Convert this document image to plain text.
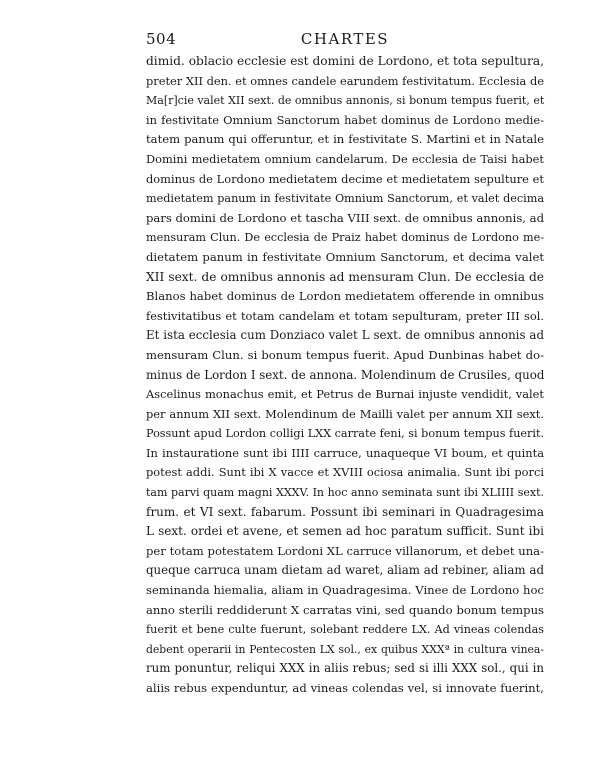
504	CHARTES
dimid. oblacio ecclesie est domini de Lordono, et tota sepultura,
preter XII den. et omnes candele earundem festivitatum. Ecclesia de
Ma[r]cie valet XII sext. de omnibus annonis, si bonum tempus fuerit, et
in festivitate Omnium Sanctorum habet dominus de Lordono medie-
tatem panum qui offeruntur, et in festivitate S. Martini et in Natale
Domini medietatem omnium candelarum. De ecclesia de Taisi habet
dominus de Lordono medietatem decime et medietatem sepulture et
medietatem panum in festivitate Omnium Sanctorum, et valet decima
pars domini de Lordono et tascha VIII sext. de omnibus annonis, ad
mensuram Clun. De ecclesia de Praiz habet dominus de Lordono me-
dietatem panum in festivitate Omnium Sanctorum, et decima valet
XII sext. de omnibus annonis ad mensuram Clun. De ecclesia de
Blanos habet dominus de Lordon medietatem offerende in omnibus
festivitatibus et totam candelam et totam sepulturam, preter III sol.
Et ista ecclesia cum Donziaco valet L sext. de omnibus annonis ad
mensuram Clun. si bonum tempus fuerit. Apud Dunbinas habet do-
minus de Lordon I sext. de annona. Molendinum de Crusiles, quod
Ascelinus monachus emit, et Petrus de Burnai injuste vendidit, valet
per annum XII sext. Molendinum de Mailli valet per annum XII sext.
Possunt apud Lordon colligi LXX carrate feni, si bonum tempus fuerit.
In instauratione sunt ibi IIII carruce, unaqueque VI boum, et quinta
potest addi. Sunt ibi X vacce et XVIII ociosa animalia. Sunt ibi porci
tam parvi quam magni XXXV. In hoc anno seminata sunt ibi XLIIII sext.
frum. et VI sext. fabarum. Possunt ibi seminari in Quadragesima
L sext. ordei et avene, et semen ad hoc paratum sufficit. Sunt ibi
per totam potestatem Lordoni XL carruce villanorum, et debet una-
queque carruca unam dietam ad waret, aliam ad rebiner, aliam ad
seminanda hiemalia, aliam in Quadragesima. Vinee de Lordono hoc
anno sterili reddiderunt X carratas vini, sed quando bonum tempus
fuerit et bene culte fuerunt, solebant reddere LX. Ad vineas colendas
debent operarii in Pentecosten LX sol., ex quibus XXXª in cultura vinea-
rum ponuntur, reliqui XXX in aliis rebus; sed si illi XXX sol., qui in
aliis rebus expenduntur, ad vineas colendas vel, si innovate fuerint,
